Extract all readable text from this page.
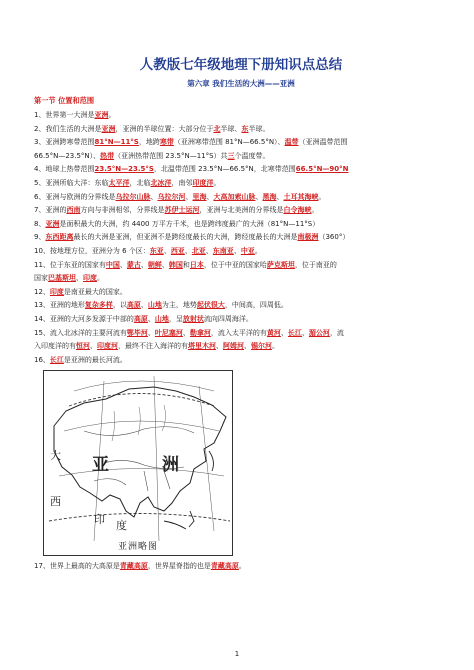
人教版七年级地理下册知识点总结
第六章 我们生活的大洲——亚洲
第一节 位置和范围
1、世界第一大洲是亚洲。
2、我们生活的大洲是亚洲，亚洲的半球位置：大部分位于北半球、东半球。
3、亚洲跨寒带范围81°N—11°S，地跨寒带（亚洲寒带范围 81°N—66.5°N）、温带（亚洲温带范围
66.5°N—23.5°N）、热带（亚洲热带范围 23.5°N—11°S）共三个温度带。
4、地球上热带范围23.5°N—23.5°S，北温带范围 23.5°N—66.5°N，北寒带范围66.5°N—90°N
5、亚洲所临大洋：东临太平洋，北临北冰洋，南邻印度洋。
6、亚洲与欧洲的分界线是乌拉尔山脉、乌拉尔河、里海、大高加索山脉、黑海、土耳其海峡。
7、亚洲的西南方向与非洲相邻，分界线是苏伊士运河，亚洲与北美洲的分界线是白令海峡。
8、亚洲是面积最大的大洲，约 4400 万平方千米，也是跨纬度最广的大洲（81°N—11°S）
9、东西距离最长的大洲是亚洲，但亚洲不是跨经度最长的大洲，跨经度最长的大洲是南极洲（360°）
10、按地理方位，亚洲分为 6 个区：东亚、西亚、北亚、东南亚、中亚。
11、位于东亚的国家有中国、蒙古、朝鲜、韩国和日本，位于中亚的国家哈萨克斯坦，位于南亚的
国家巴基斯坦、印度。
12、印度是南亚最大的国家。
13、亚洲的地形复杂多样，以高原、山地为主，地势起伏很大，中间高，四周低。
14、亚洲的大河多发源于中部的高原、山地，呈放射状流向四周海洋。
15、流入北冰洋的主要河流有鄂毕河、叶尼塞河、勒拿河，流入太平洋的有黄河、长江、湄公河，流
入印度洋的有恒河、印度河，最终不注入海洋的有塔里木河、阿姆河、锡尔河。
16、长江是亚洲的最长河流。
亚	洲
大
西
印 度
亚洲略图
17、世界上最高的大高原是青藏高原，世界屋脊指的也是青藏高原。
1
